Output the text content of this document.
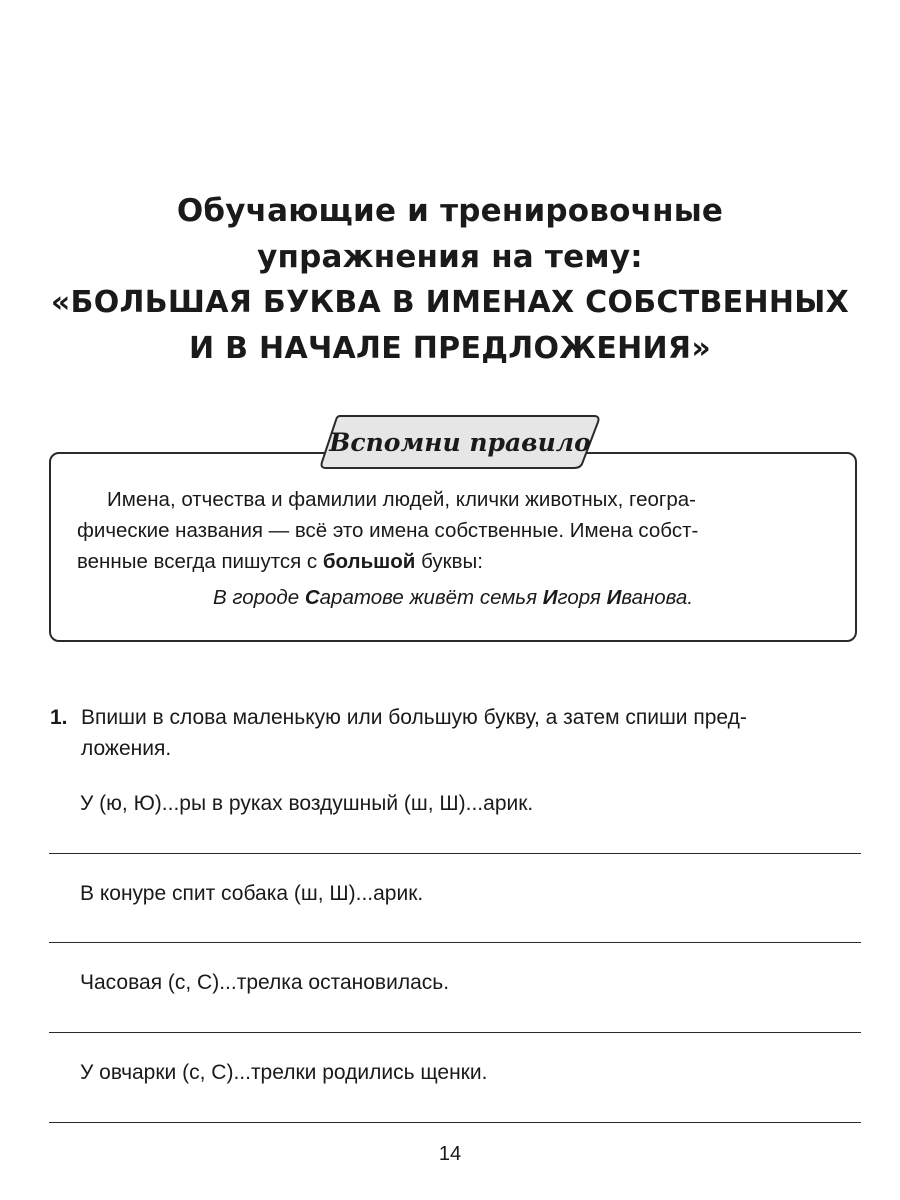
Обучающие и тренировочные
упражнения на тему:
«БОЛЬШАЯ БУКВА В ИМЕНАХ СОБСТВЕННЫХ
И В НАЧАЛЕ ПРЕДЛОЖЕНИЯ»
Вспомни правило
Имена, отчества и фамилии людей, клички животных, геогра-
фические названия — всё это имена собственные. Имена собст-
венные всегда пишутся с большой буквы:
В городе Саратове живёт семья Игоря Иванова.
1. Впиши в слова маленькую или большую букву, а затем спиши пред-
ложения.
У (ю, Ю)...ры в руках воздушный (ш, Ш)...арик.
В конуре спит собака (ш, Ш)...арик.
Часовая (с, С)...трелка остановилась.
У овчарки (с, С)...трелки родились щенки.
14
